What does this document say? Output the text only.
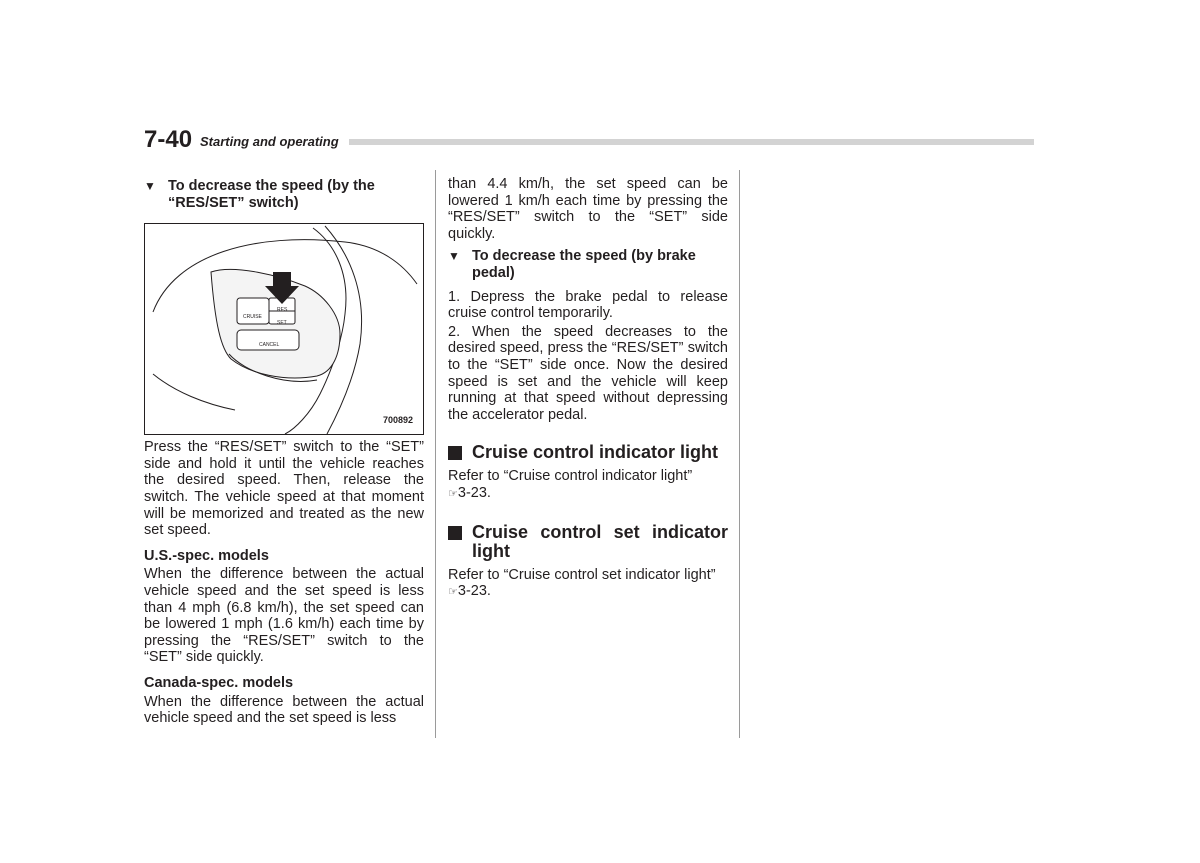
7-40 Starting and operating
▼ To decrease the speed (by the “RES/SET” switch)
CRUISE
RES
SET
CANCEL
700892

Press the “RES/SET” switch to the “SET” side and hold it until the vehicle reaches the desired speed. Then, release the switch. The vehicle speed at that moment will be memorized and treated as the new set speed.

U.S.-spec. models

When the difference between the actual vehicle speed and the set speed is less than 4 mph (6.8 km/h), the set speed can be lowered 1 mph (1.6 km/h) each time by pressing the “RES/SET” switch to the “SET” side quickly.

Canada-spec. models

When the difference between the actual vehicle speed and the set speed is less

than 4.4 km/h, the set speed can be lowered 1 km/h each time by pressing the “RES/SET” switch to the “SET” side quickly.

▼ To decrease the speed (by brake pedal)

1. Depress the brake pedal to release cruise control temporarily.

2. When the speed decreases to the desired speed, press the “RES/SET” switch to the “SET” side once. Now the desired speed is set and the vehicle will keep running at that speed without depressing the accelerator pedal.

Cruise control indicator light

Refer to “Cruise control indicator light”
☞3-23.

Cruise control set indicator light

Refer to “Cruise control set indicator light”
☞3-23.
